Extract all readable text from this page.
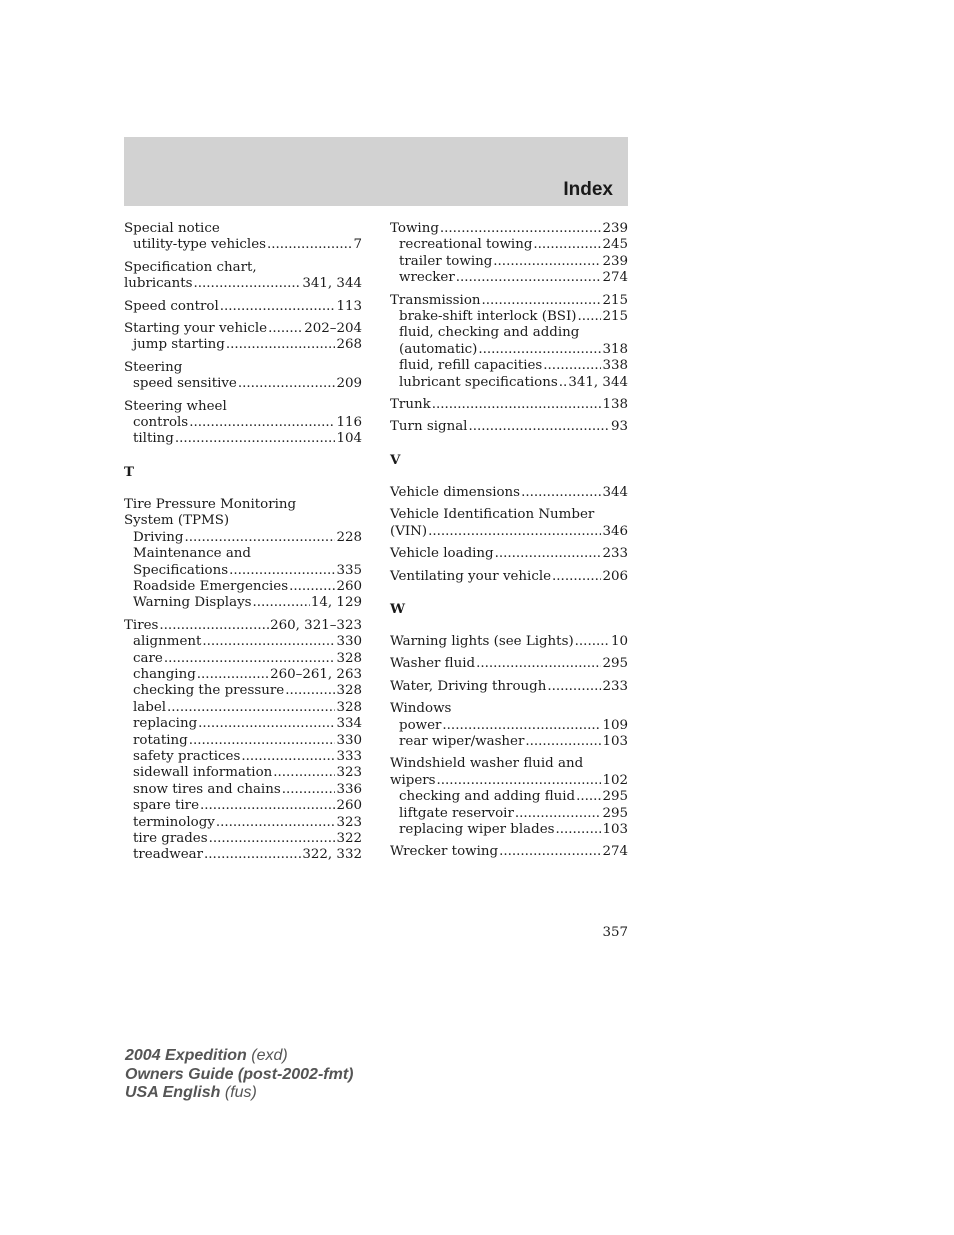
Index
Special notice
utility-type vehicles .....	7
Specification chart,
lubricants .....	341, 344
Speed control .....	113
Starting your vehicle .....	202–204
jump starting .....	268
Steering
speed sensitive .....	209
Steering wheel
controls .....	116
tilting .....	104
T
Tire Pressure Monitoring
System (TPMS)
Driving .....	228
Maintenance and
Specifications .....	335
Roadside Emergencies .....	260
Warning Displays .....	14, 129
Tires .....	260, 321–323
alignment .....	330
care .....	328
changing .....	260–261, 263
checking the pressure .....	328
label .....	328
replacing .....	334
rotating .....	330
safety practices .....	333
sidewall information .....	323
snow tires and chains .....	336
spare tire .....	260
terminology .....	323
tire grades .....	322
treadwear .....	322, 332
Towing .....	239
recreational towing .....	245
trailer towing .....	239
wrecker .....	274
Transmission .....	215
brake-shift interlock (BSI) ..... 215
fluid, checking and adding
(automatic) .....	318
fluid, refill capacities .....	338
lubricant specifications ..... 341, 344
Trunk .....	138
Turn signal .....	93
V
Vehicle dimensions .....	344
Vehicle Identification Number
(VIN) .....	346
Vehicle loading .....	233
Ventilating your vehicle .....	206
W
Warning lights (see Lights) .....	10
Washer fluid .....	295
Water, Driving through .....	233
Windows
power .....	109
rear wiper/washer .....	103
Windshield washer fluid and
wipers .....	102
checking and adding fluid ..... 295
liftgate reservoir .....	295
replacing wiper blades .....	103
Wrecker towing .....	274
357
2004 Expedition (exd)
Owners Guide (post-2002-fmt)
USA English (fus)
